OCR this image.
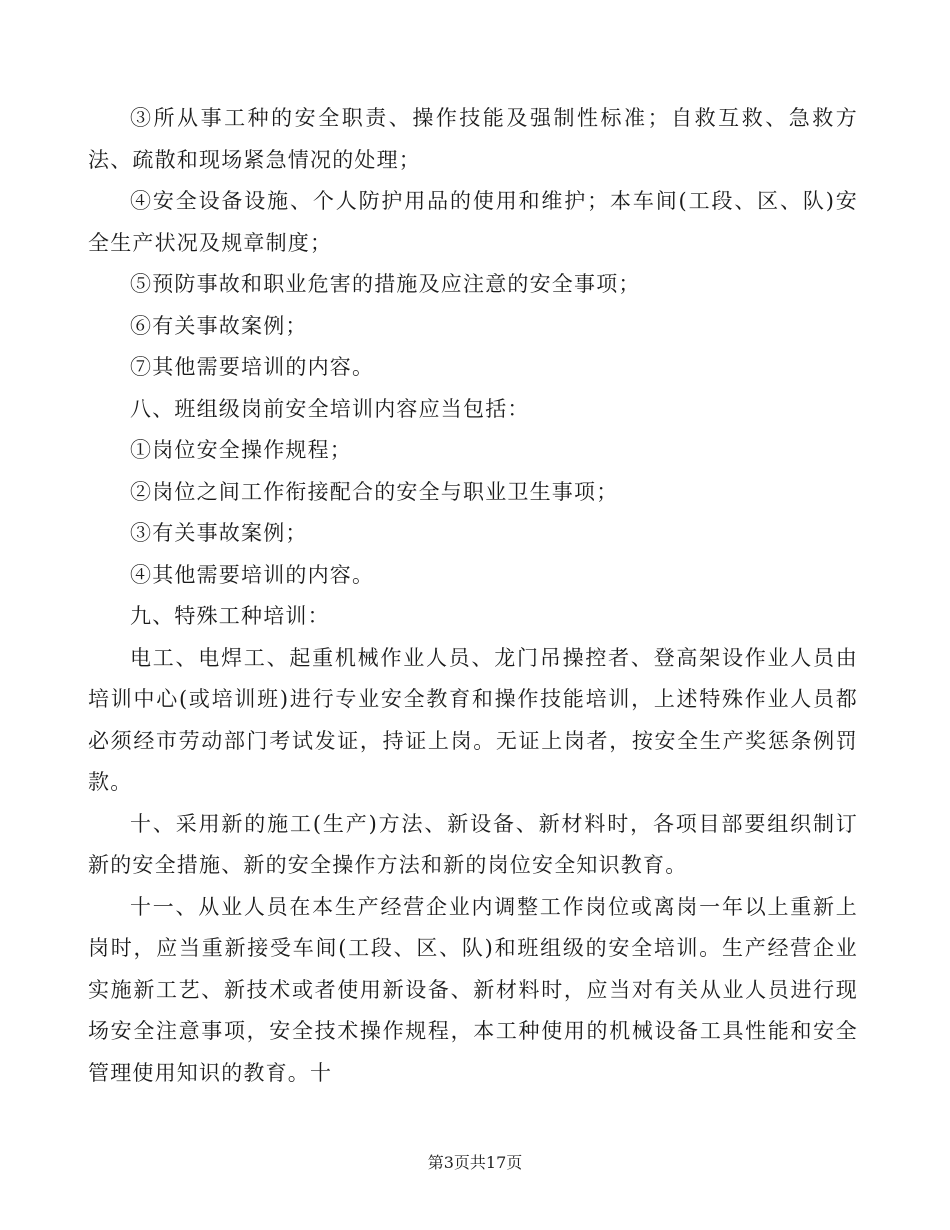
③所从事工种的安全职责、操作技能及强制性标准；自救互救、急救方法、疏散和现场紧急情况的处理；

④安全设备设施、个人防护用品的使用和维护；本车间(工段、区、队)安全生产状况及规章制度；

⑤预防事故和职业危害的措施及应注意的安全事项；

⑥有关事故案例；

⑦其他需要培训的内容。

八、班组级岗前安全培训内容应当包括：

①岗位安全操作规程；

②岗位之间工作衔接配合的安全与职业卫生事项；

③有关事故案例；

④其他需要培训的内容。

九、特殊工种培训：

电工、电焊工、起重机械作业人员、龙门吊操控者、登高架设作业人员由培训中心(或培训班)进行专业安全教育和操作技能培训，上述特殊作业人员都必须经市劳动部门考试发证，持证上岗。无证上岗者，按安全生产奖惩条例罚款。

十、采用新的施工(生产)方法、新设备、新材料时，各项目部要组织制订新的安全措施、新的安全操作方法和新的岗位安全知识教育。

十一、从业人员在本生产经营企业内调整工作岗位或离岗一年以上重新上岗时，应当重新接受车间(工段、区、队)和班组级的安全培训。生产经营企业实施新工艺、新技术或者使用新设备、新材料时，应当对有关从业人员进行现场安全注意事项，安全技术操作规程，本工种使用的机械设备工具性能和安全管理使用知识的教育。十

第3页共17页
